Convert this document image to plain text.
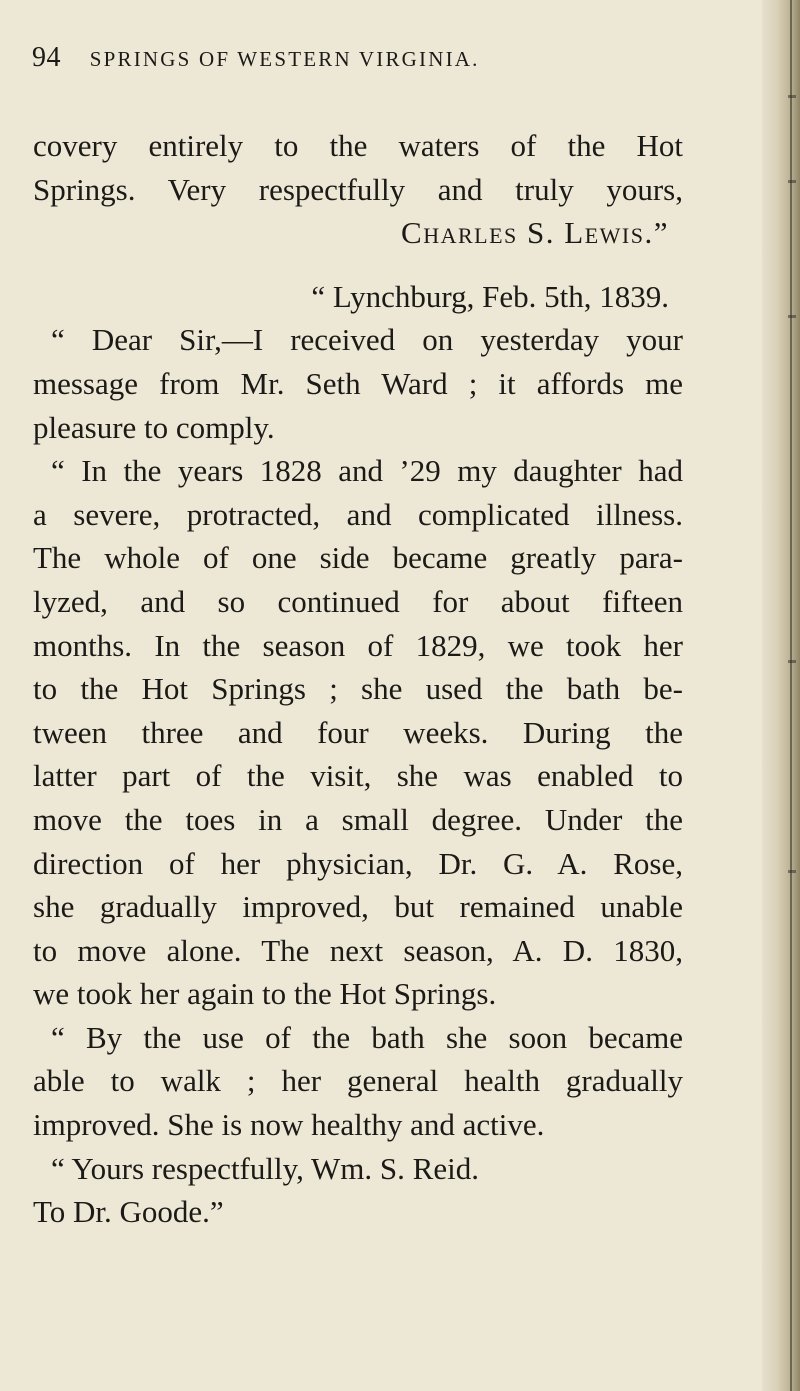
94 SPRINGS OF WESTERN VIRGINIA.
covery entirely to the waters of the Hot
Springs. Very respectfully and truly yours,
Charles S. Lewis.”
“ Lynchburg, Feb. 5th, 1839.
“ Dear Sir,—I received on yesterday your
message from Mr. Seth Ward ; it affords me
pleasure to comply.
“ In the years 1828 and ’29 my daughter had
a severe, protracted, and complicated illness.
The whole of one side became greatly para-
lyzed, and so continued for about fifteen
months. In the season of 1829, we took her
to the Hot Springs ; she used the bath be-
tween three and four weeks. During the
latter part of the visit, she was enabled to
move the toes in a small degree. Under the
direction of her physician, Dr. G. A. Rose,
she gradually improved, but remained unable
to move alone. The next season, A. D. 1830,
we took her again to the Hot Springs.
“ By the use of the bath she soon became
able to walk ; her general health gradually
improved. She is now healthy and active.
“ Yours respectfully, Wm. S. Reid.
To Dr. Goode.”
